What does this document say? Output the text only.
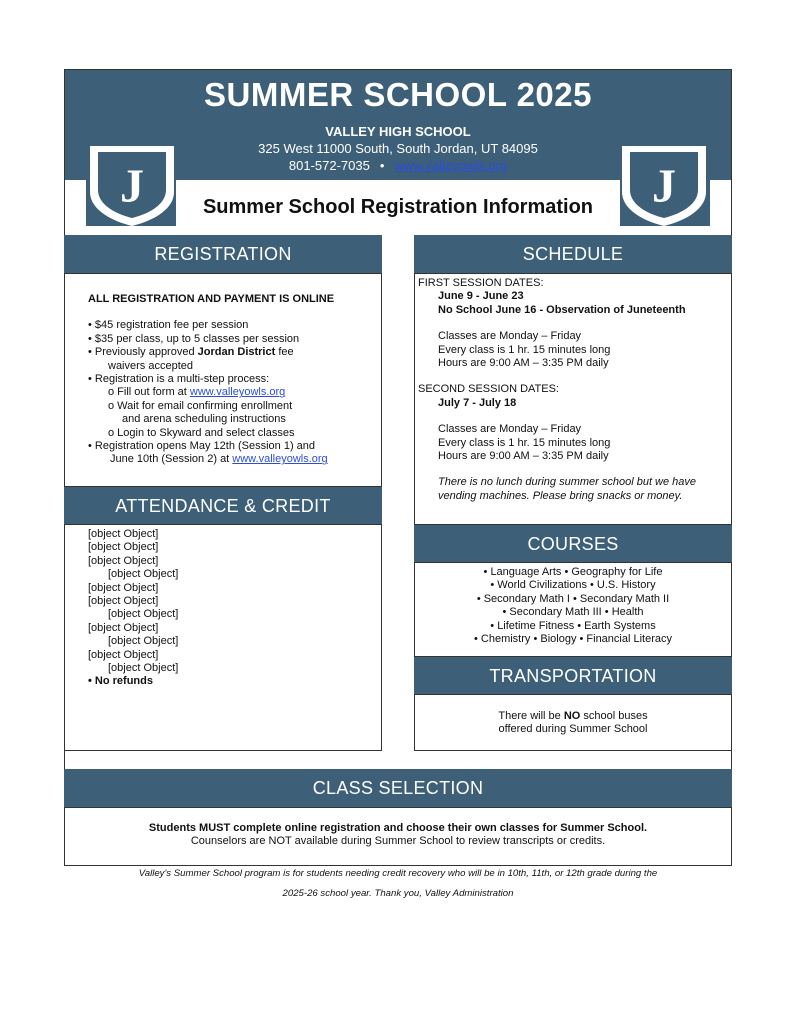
SUMMER SCHOOL 2025
VALLEY HIGH SCHOOL
325 West 11000 South, South Jordan, UT 84095
801-572-7035 • www.valleyowls.org
J	J
Summer School Registration Information
REGISTRATION
ALL REGISTRATION AND PAYMENT IS ONLINE
• $45 registration fee per session
• $35 per class, up to 5 classes per session
• Previously approved Jordan District fee
waivers accepted
• Registration is a multi-step process:
o Fill out form at www.valleyowls.org
o Wait for email confirming enrollment
and arena scheduling instructions
o Login to Skyward and select classes
• Registration opens May 12th (Session 1) and
June 10th (Session 2) at www.valleyowls.org
ATTENDANCE & CREDIT
[object Object]
[object Object]
[object Object]
[object Object]
[object Object]
[object Object]
[object Object]
[object Object]
[object Object]
[object Object]
[object Object]
• No refunds
SCHEDULE
FIRST SESSION DATES:
June 9 - June 23
No School June 16 - Observation of Juneteenth
Classes are Monday – Friday
Every class is 1 hr. 15 minutes long
Hours are 9:00 AM – 3:35 PM daily
SECOND SESSION DATES:
July 7 - July 18
Classes are Monday – Friday
Every class is 1 hr. 15 minutes long
Hours are 9:00 AM – 3:35 PM daily
There is no lunch during summer school but we have
vending machines. Please bring snacks or money.
COURSES
• Language Arts • Geography for Life
• World Civilizations • U.S. History
• Secondary Math I • Secondary Math II
• Secondary Math III • Health
• Lifetime Fitness • Earth Systems
• Chemistry • Biology • Financial Literacy
TRANSPORTATION
There will be NO school buses
offered during Summer School
CLASS SELECTION
Students MUST complete online registration and choose their own classes for Summer School.
Counselors are NOT available during Summer School to review transcripts or credits.
Valley's Summer School program is for students needing credit recovery who will be in 10th, 11th, or 12th grade during the
2025-26 school year. Thank you, Valley Administration
